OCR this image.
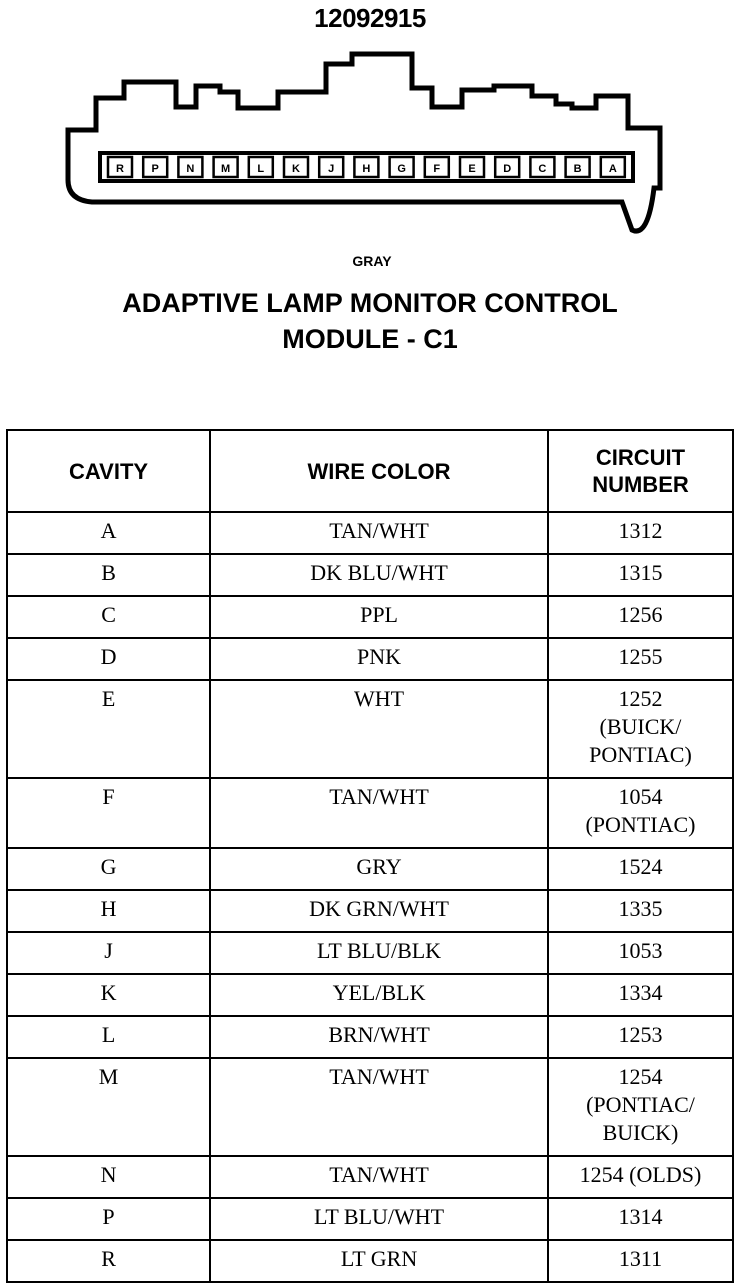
12092915
R	P	N M L	K	J	H G	F	E	D C B A
GRAY
ADAPTIVE LAMP MONITOR CONTROL
MODULE - C1
CAVITY	WIRE COLOR	CIRCUIT
NUMBER

A	TAN/WHT	1312

B	DK BLU/WHT	1315

C	PPL	1256

D	PNK	1255

E	WHT	1252
(BUICK/
PONTIAC)

F	TAN/WHT	1054
(PONTIAC)

G	GRY	1524

H	DK GRN/WHT	1335

J	LT BLU/BLK	1053

K	YEL/BLK	1334

L	BRN/WHT	1253

M	TAN/WHT	1254
(PONTIAC/
BUICK)

N	TAN/WHT	1254 (OLDS)

P	LT BLU/WHT	1314

R	LT GRN	1311
